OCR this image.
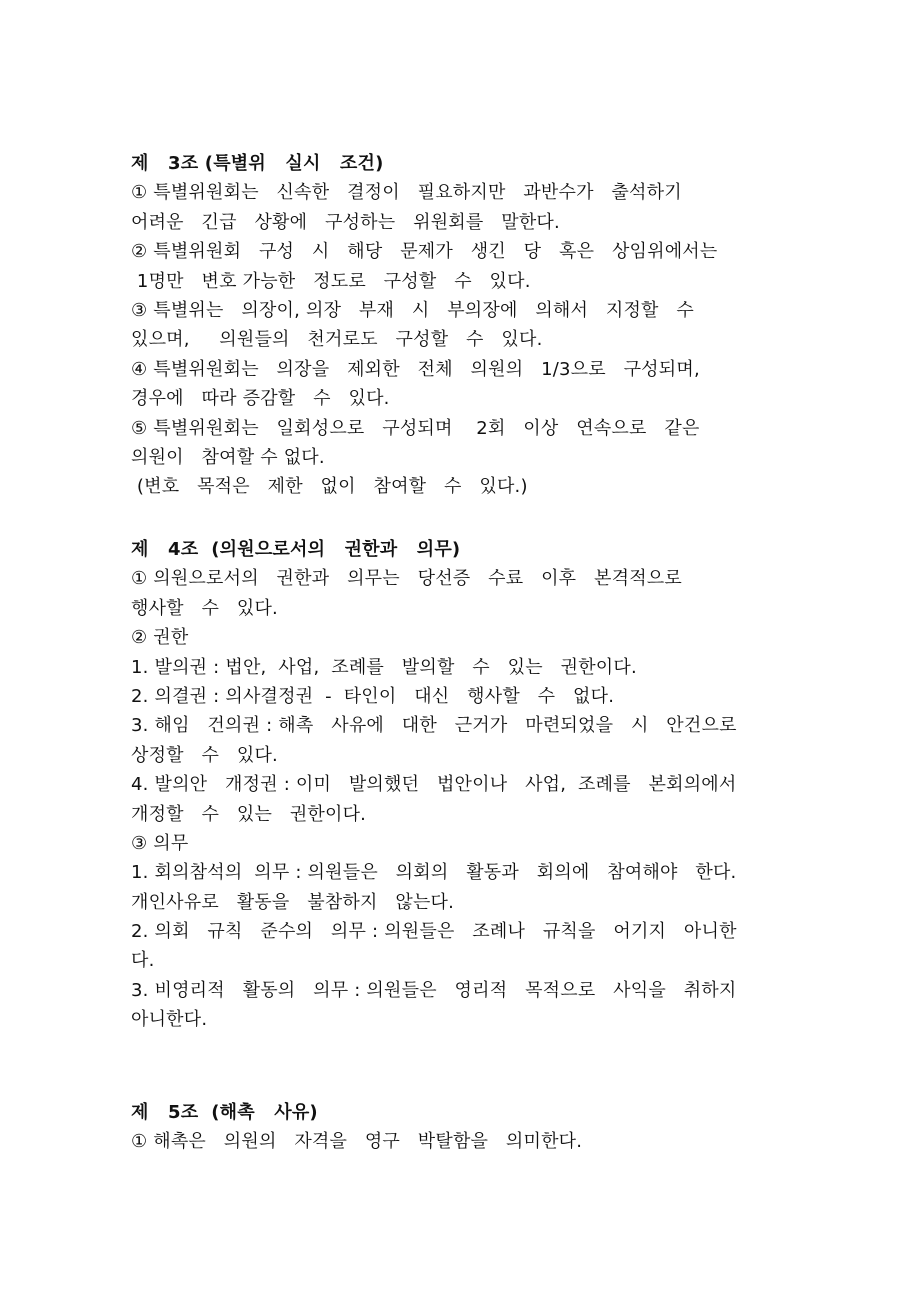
제   3조 (특별위   실시   조건)
① 특별위원회는   신속한   결정이   필요하지만   과반수가   출석하기
어려운   긴급   상황에   구성하는   위원회를   말한다.
② 특별위원회   구성   시   해당   문제가   생긴   당   혹은   상임위에서는
1명만   변호 가능한   정도로   구성할   수   있다.
③ 특별위는   의장이, 의장   부재   시   부의장에   의해서   지정할   수
있으며,     의원들의   천거로도   구성할   수   있다.
④ 특별위원회는   의장을   제외한   전체   의원의   1/3으로   구성되며,
경우에   따라 증감할   수   있다.
⑤ 특별위원회는   일회성으로   구성되며    2회   이상   연속으로   같은
의원이   참여할 수 없다.
(변호   목적은   제한   없이   참여할   수   있다.)
제   4조  (의원으로서의   권한과   의무)
① 의원으로서의   권한과   의무는   당선증   수료   이후   본격적으로
행사할   수   있다.
② 권한
1. 발의권 : 법안,  사업,  조례를   발의할   수   있는   권한이다.
2. 의결권 : 의사결정권  -  타인이   대신   행사할   수   없다.
3. 해임   건의권 : 해촉   사유에   대한   근거가   마련되었을   시   안건으로
상정할   수   있다.
4. 발의안   개정권 : 이미   발의했던   법안이나   사업,  조례를   본회의에서
개정할   수   있는   권한이다.
③ 의무
1. 회의참석의  의무 : 의원들은   의회의   활동과   회의에   참여해야   한다.
개인사유로   활동을   불참하지   않는다.
2. 의회   규칙   준수의   의무 : 의원들은   조례나   규칙을   어기지   아니한
다.
3. 비영리적   활동의   의무 : 의원들은   영리적   목적으로   사익을   취하지
아니한다.
제   5조  (해촉   사유)
① 해촉은   의원의   자격을   영구   박탈함을   의미한다.
